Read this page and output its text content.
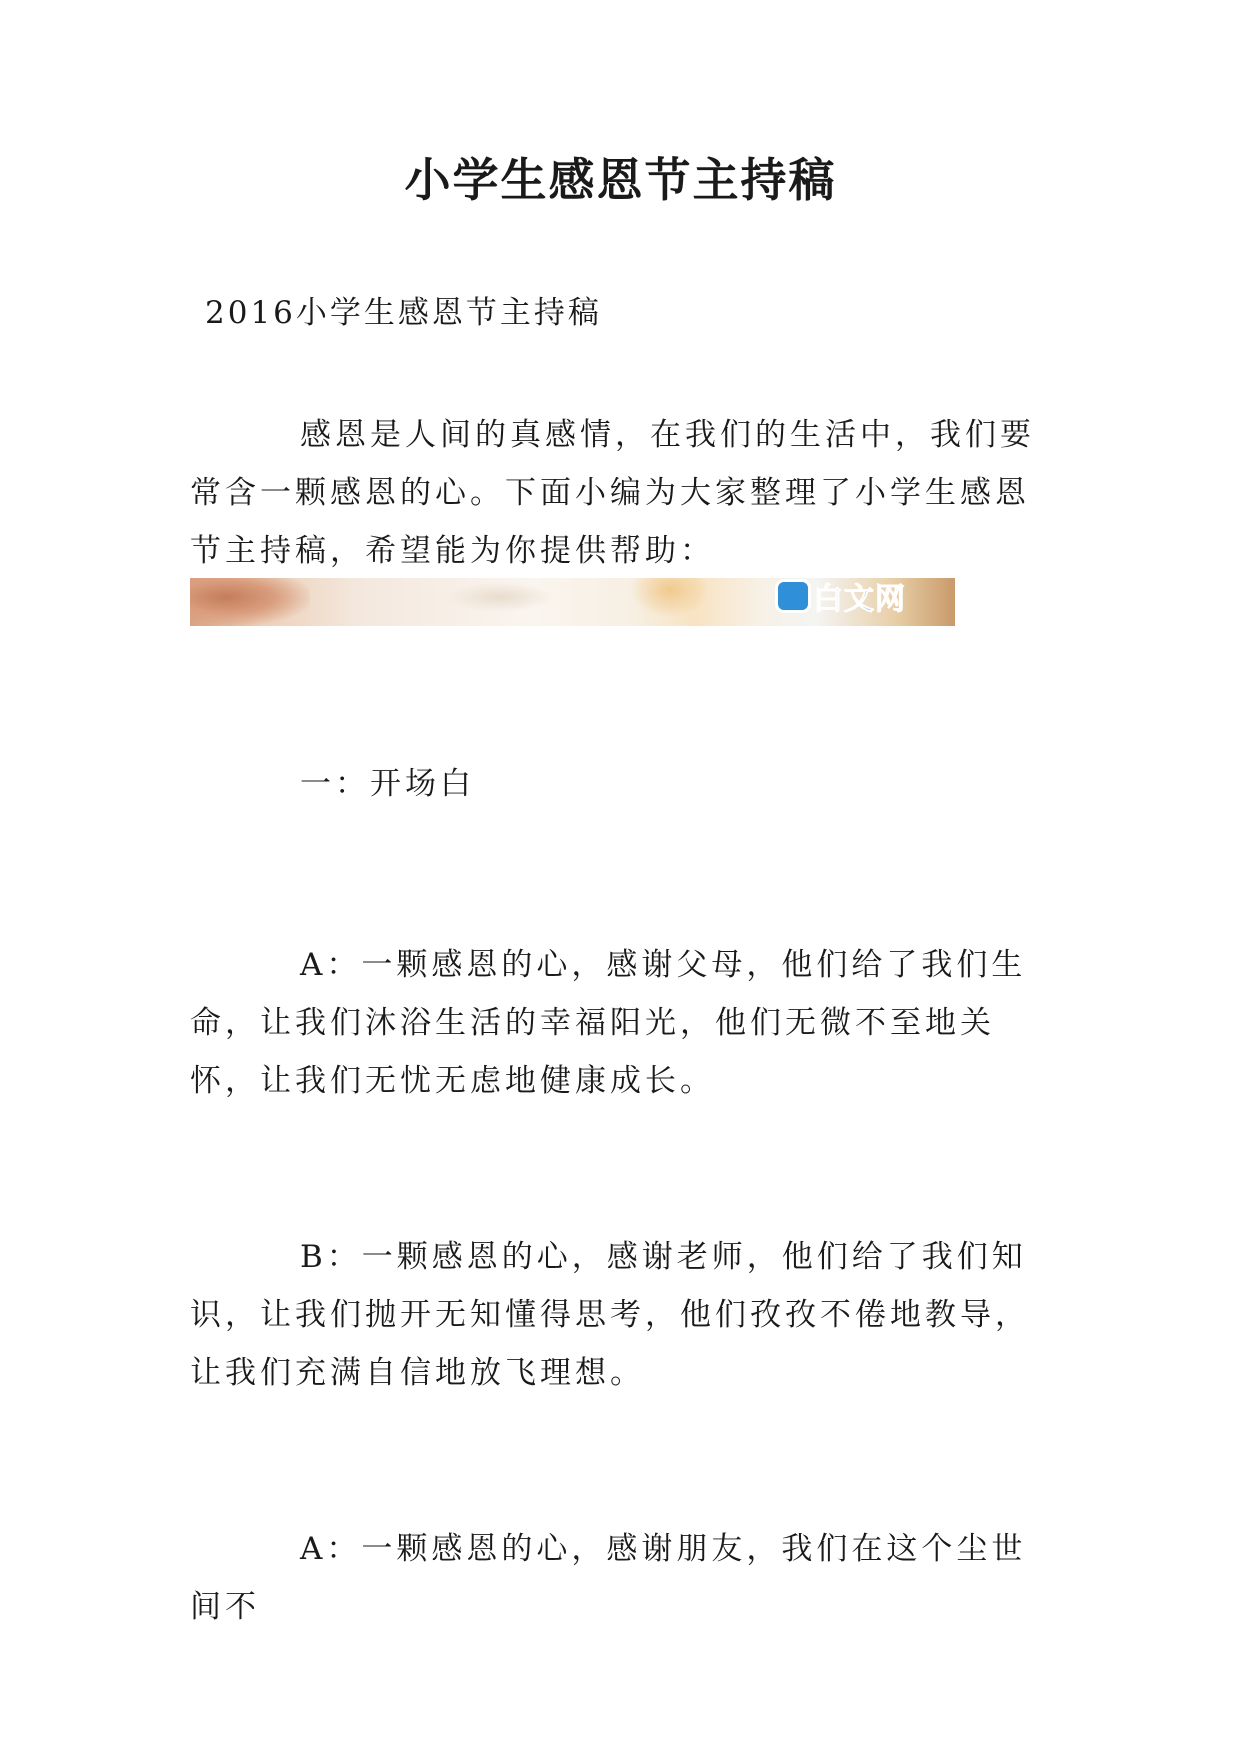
小学生感恩节主持稿
2016小学生感恩节主持稿

感恩是人间的真感情，在我们的生活中，我们要常含一颗感恩的心。下面小编为大家整理了小学生感恩节主持稿，希望能为你提供帮助：

白文网

一：开场白

A：一颗感恩的心，感谢父母，他们给了我们生命，让我们沐浴生活的幸福阳光，他们无微不至地关怀，让我们无忧无虑地健康成长。

B：一颗感恩的心，感谢老师，他们给了我们知识，让我们抛开无知懂得思考，他们孜孜不倦地教导，让我们充满自信地放飞理想。

A：一颗感恩的心，感谢朋友，我们在这个尘世间不
